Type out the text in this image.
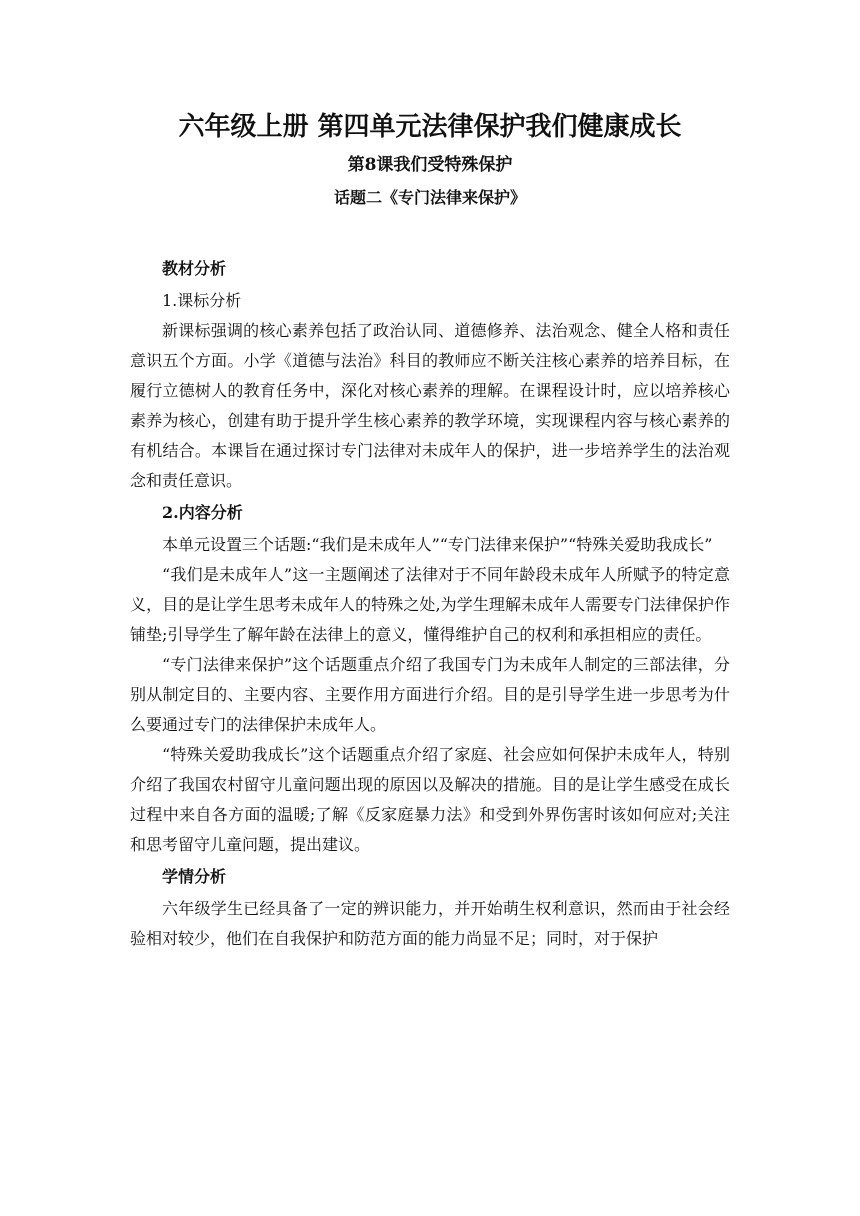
六年级上册 第四单元法律保护我们健康成长
第8课我们受特殊保护
话题二《专门法律来保护》

教材分析

1.课标分析

新课标强调的核心素养包括了政治认同、道德修养、法治观念、健全人格和责任意识五个方面。小学《道德与法治》科目的教师应不断关注核心素养的培养目标，在履行立德树人的教育任务中，深化对核心素养的理解。在课程设计时，应以培养核心素养为核心，创建有助于提升学生核心素养的教学环境，实现课程内容与核心素养的有机结合。本课旨在通过探讨专门法律对未成年人的保护，进一步培养学生的法治观念和责任意识。

2.内容分析

本单元设置三个话题:“我们是未成年人”“专门法律来保护”“特殊关爱助我成长”

“我们是未成年人”这一主题阐述了法律对于不同年龄段未成年人所赋予的特定意义，目的是让学生思考未成年人的特殊之处,为学生理解未成年人需要专门法律保护作铺垫;引导学生了解年龄在法律上的意义，懂得维护自己的权利和承担相应的责任。

“专门法律来保护”这个话题重点介绍了我国专门为未成年人制定的三部法律，分别从制定目的、主要内容、主要作用方面进行介绍。目的是引导学生进一步思考为什么要通过专门的法律保护未成年人。

“特殊关爱助我成长”这个话题重点介绍了家庭、社会应如何保护未成年人，特别介绍了我国农村留守儿童问题出现的原因以及解决的措施。目的是让学生感受在成长过程中来自各方面的温暖;了解《反家庭暴力法》和受到外界伤害时该如何应对;关注和思考留守儿童问题，提出建议。

学情分析

六年级学生已经具备了一定的辨识能力，并开始萌生权利意识，然而由于社会经验相对较少，他们在自我保护和防范方面的能力尚显不足；同时，对于保护
